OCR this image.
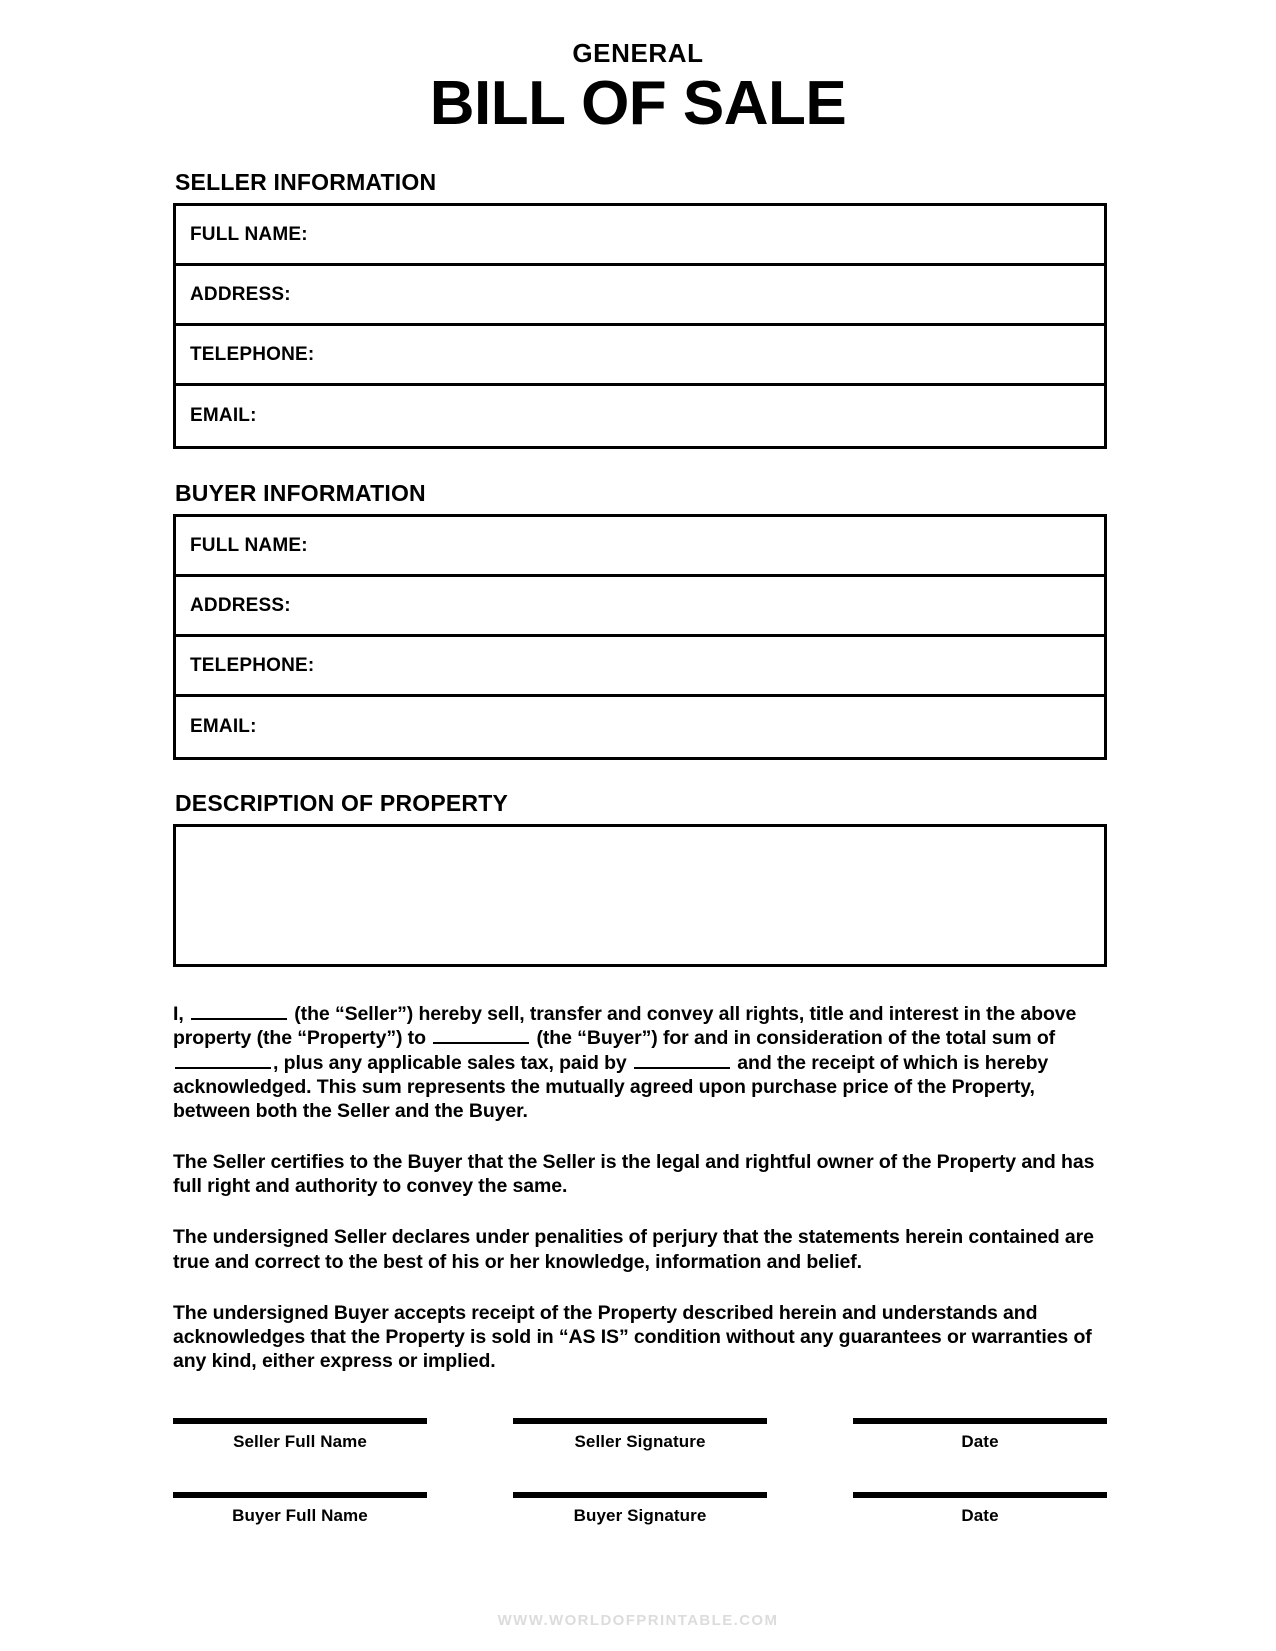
GENERAL
BILL OF SALE
SELLER INFORMATION
FULL NAME:
ADDRESS:
TELEPHONE:
EMAIL:
BUYER INFORMATION
FULL NAME:
ADDRESS:
TELEPHONE:
EMAIL:
DESCRIPTION OF PROPERTY

I,	(the “Seller”) hereby sell, transfer and convey all rights, title and interest in the above property (the “Property”) to	(the “Buyer”) for and in consideration of the total sum of , plus any applicable sales tax, paid by	and the receipt of which is hereby acknowledged. This sum represents the mutually agreed upon purchase price of the Property, between both the Seller and the Buyer.

The Seller certifies to the Buyer that the Seller is the legal and rightful owner of the Property and has full right and authority to convey the same.

The undersigned Seller declares under penalities of perjury that the statements herein contained are true and correct to the best of his or her knowledge, information and belief.

The undersigned Buyer accepts receipt of the Property described herein and understands and acknowledges that the Property is sold in “AS IS” condition without any guarantees or warranties of any kind, either express or implied.

Seller Full Name	Seller Signature	Date
Buyer Full Name	Buyer Signature	Date
WWW.WORLDOFPRINTABLE.COM
